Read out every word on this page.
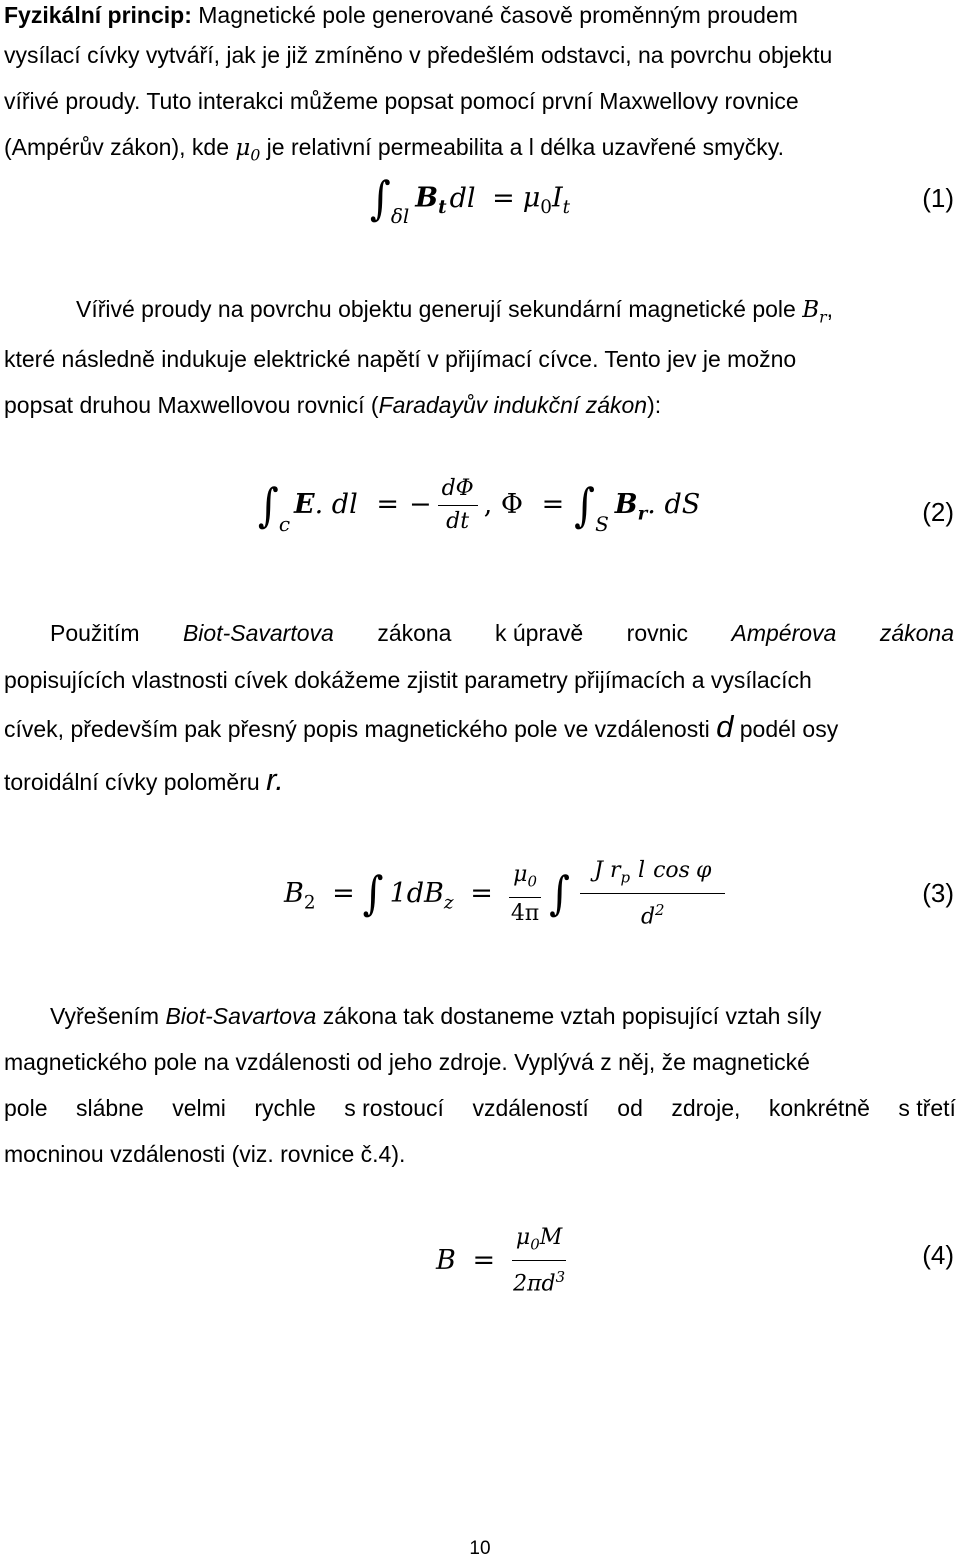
Fyzikální princip: Magnetické pole generované časově proměnným proudem
vysílací cívky vytváří, jak je již zmíněno v předešlém odstavci, na povrchu objektu
vířivé proudy. Tuto interakci můžeme popsat pomocí první Maxwellovy rovnice
(Ampérův zákon), kde $\mu_0$ je relativní permeabilita a l délka uzavřené smyčky.
$\int_{\delta l}B_t$ dl = $\mu_0I_t$	(1)
Vířivé proudy na povrchu objektu generují sekundární magnetické pole $B_r$,
které následně indukuje elektrické napětí v přijímací cívce. Tento jev je možno
popsat druhou Maxwellovou rovnicí (Faradayův indukční zákon):
$\int_cE$. dl = − $\frac{d\Phi}{dt}$ , $\Phi = \int_SB_r$. dS	(2)
Použitím Biot-Savartova zákona k úpravě rovnic Ampérova zákona
popisujících vlastnosti cívek dokážeme zjistit parametry přijímacích a vysílacích
cívek, především pak přesný popis magnetického pole ve vzdálenosti d podél osy
toroidální cívky poloměru r.
$B_2$ = ∫ $1dB_z = \frac{\mu_0}{4\pi}$ ∫ $\frac{J r_p l \cos \varphi}{d^2}$	(3)
Vyřešením Biot-Savartova zákona tak dostaneme vztah popisující vztah síly
magnetického pole na vzdálenosti od jeho zdroje. Vyplývá z něj, že magnetické
pole slábne velmi rychle s rostoucí vzdáleností od zdroje, konkrétně s třetí
mocninou vzdálenosti (viz. rovnice č.4).
$B = \frac{\mu_0M}{2\pi d^3}$	(4)
10
